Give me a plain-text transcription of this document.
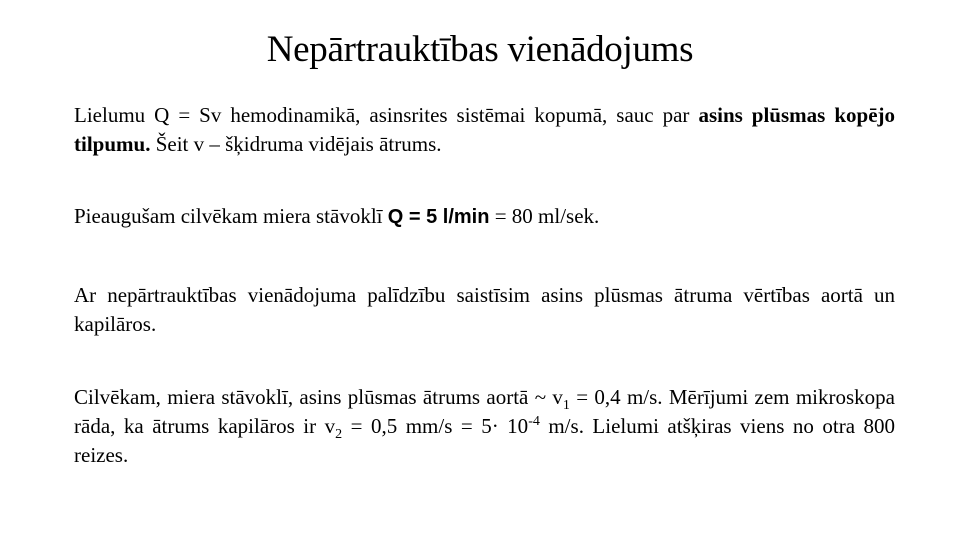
Nepārtrauktības vienādojums
Lielumu Q = Sv hemodinamikā, asinsrites sistēmai kopumā, sauc par asins plūsmas kopējo tilpumu. Šeit v – šķidruma vidējais ātrums.
Pieaugušam cilvēkam miera stāvoklī Q = 5 l/min = 80 ml/sek.
Ar nepārtrauktības vienādojuma palīdzību saistīsim asins plūsmas ātruma vērtības aortā un kapilāros.
Cilvēkam, miera stāvoklī, asins plūsmas ātrums aortā ~ $v_1 = 0,4$ m/s. Mērījumi zem mikroskopa rāda, ka ātrums kapilāros ir $v_2 = 0,5$ $mm/s = 5\cdot 10^{-4}$ m/s. Lielumi atšķiras viens no otra 800 reizes.
